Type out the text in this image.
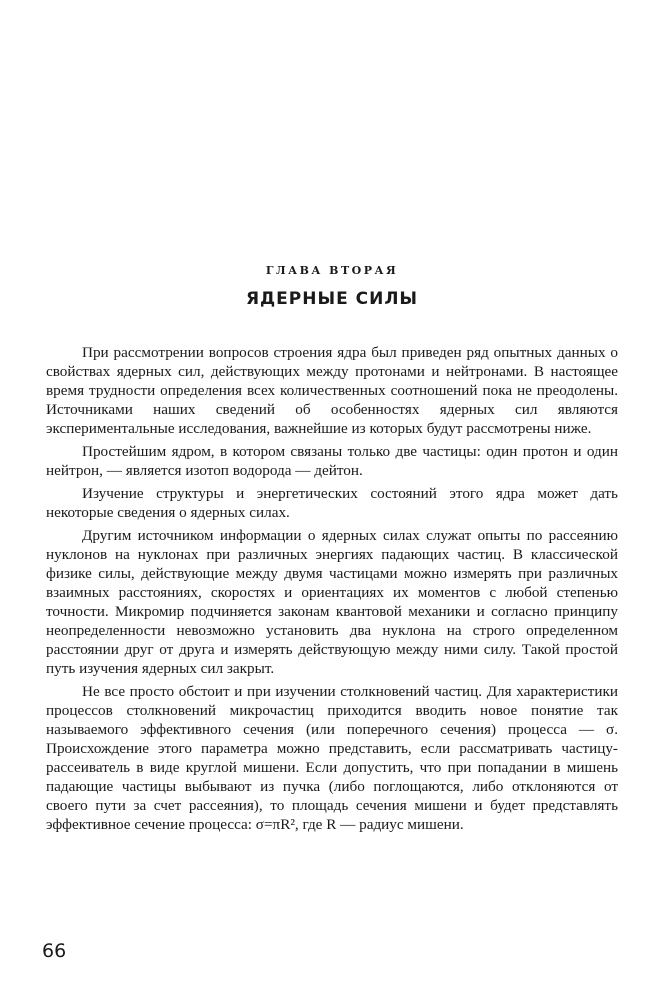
ГЛАВА ВТОРАЯ
ЯДЕРНЫЕ СИЛЫ

При рассмотрении вопросов строения ядра был приведен ряд опытных данных о свойствах ядерных сил, действующих между протонами и нейтронами. В настоящее время трудности определения всех количественных соотношений пока не преодолены. Источниками наших сведений об особенностях ядерных сил являются экспериментальные исследования, важнейшие из которых будут рассмотрены ниже.

Простейшим ядром, в котором связаны только две частицы: один протон и один нейтрон, — является изотоп водорода — дейтон.

Изучение структуры и энергетических состояний этого ядра может дать некоторые сведения о ядерных силах.

Другим источником информации о ядерных силах служат опыты по рассеянию нуклонов на нуклонах при различных энергиях падающих частиц. В классической физике силы, действующие между двумя частицами можно измерять при различных взаимных расстояниях, скоростях и ориентациях их моментов с любой степенью точности. Микромир подчиняется законам квантовой механики и согласно принципу неопределенности невозможно установить два нуклона на строго определенном расстоянии друг от друга и измерять действующую между ними силу. Такой простой путь изучения ядерных сил закрыт.

Не все просто обстоит и при изучении столкновений частиц. Для характеристики процессов столкновений микрочастиц приходится вводить новое понятие так называемого эффективного сечения (или поперечного сечения) процесса — σ. Происхождение этого параметра можно представить, если рассматривать частицу-рассеиватель в виде круглой мишени. Если допустить, что при попадании в мишень падающие частицы выбывают из пучка (либо поглощаются, либо отклоняются от своего пути за счет рассеяния), то площадь сечения мишени и будет представлять эффективное сечение процесса: σ=πR², где R — радиус мишени.

66
